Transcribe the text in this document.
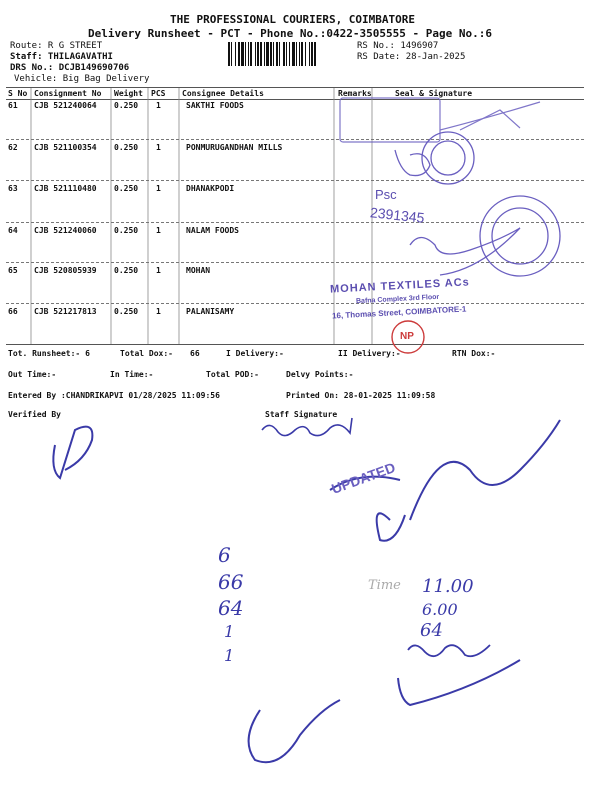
THE PROFESSIONAL COURIERS, COIMBATORE
Delivery Runsheet - PCT - Phone No.:0422-3505555 - Page No.:6
Route: R G STREET
Staff: THILAGAVATHI
DRS No.: DCJB149690706
Vehicle: Big Bag Delivery
RS No.: 1496907
RS Date: 28-Jan-2025
S No Consignment No Weight PCS Consignee Details	Remarks	Seal & Signature
61 CJB 521240064 0.250 1	SAKTHI FOODS
62 CJB 521100354 0.250 1	PONMURUGANDHAN MILLS
63 CJB 521110480 0.250 1	DHANAKPODI
64 CJB 521240060 0.250 1	NALAM FOODS
65 CJB 520805939 0.250 1	MOHAN
66 CJB 521217813 0.250 1	PALANISAMY
Tot. Runsheet:- 6	Total Dox:- 66	I Delivery:-	II Delivery:-	RTN Dox:-
Out Time:-	In Time:-	Total POD:-	Delvy Points:-
Entered By :CHANDRIKAPVI 01/28/2025 11:09:56	Printed On: 28-01-2025 11:09:58
Verified By	Staff Signature
UPDATED
MOHAN TEXTILES ACs
Bafna Complex 3rd Floor
16, Thomas Street, COIMBATORE-1
Psc
2391345
NP
6
66
64
1
1
Time 11.00
6.00
64
